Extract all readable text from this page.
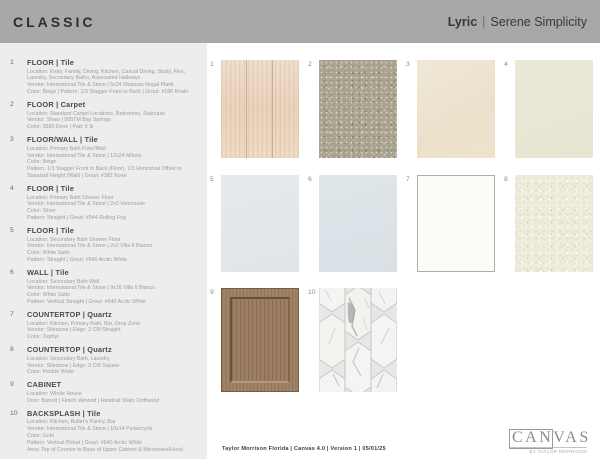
CLASSIC	Lyric | Serene Simplicity
1	FLOOR | Tile
Location: Entry, Family, Dining, Kitchen, Casual Dining, Study, Flex, Laundry, Secondary Baths, Associated Hallways
Vendor: International Tile & Stone | 6x24 Maderas Nogal Plank
Color: Beige | Pattern: 1/3 Stagger Front to Back | Grout: #186 Khaki
2	FLOOR | Carpet
Location: Standard Carpet Locations, Bedrooms, Staircase
Vendor: Shaw | 565TM Bay Springs
Color: 0560 Dove | Pad: 6 lb
3	FLOOR/WALL | Tile
Location: Primary Bath Floor/Wall
Vendor: International Tile & Stone | 12x24 Milano
Color: Beige
Pattern: 1/3 Stagger Front to Back (Floor), 1/3 Horizontal Offset to Standard Height (Wall) | Grout: #382 Bone
4	FLOOR | Tile
Location: Primary Bath Shower Floor
Vendor: International Tile & Stone | 2x2 Vancouver
Color: Silver
Pattern: Straight | Grout: #544 Rolling Fog
5	FLOOR | Tile
Location: Secondary Bath Shower Floor
Vendor: International Tile & Stone | 2x2 Villa II Bianco
Color: White Satin
Pattern: Straight | Grout: #640 Arctic White
6	WALL | Tile
Location: Secondary Bath Wall
Vendor: International Tile & Stone | 9x16 Villa II Bianco
Color: White Satin
Pattern: Vertical Straight | Grout: #640 Arctic White
7	COUNTERTOP | Quartz
Location: Kitchen, Primary Bath, Bar, Drop Zone
Vendor: Silestone | Edge: 3 CM Straight
Color: Zephyr
8	COUNTERTOP | Quartz
Location: Secondary Bath, Laundry
Vendor: Silestone | Edge: 3 CM Square
Color: Pebble White
9	CABINET
Location: Whole House
Door: Barrett | Finish: Almond | Handrail Stain: Driftwood
10	BACKSPLASH | Tile
Location: Kitchen, Butler's Pantry, Bar
Vendor: International Tile & Stone | 10x14 Picketcycle
Color: Gold
Pattern: Vertical Picket | Grout: #640 Arctic White
Area: Top of Counter to Base of Upper Cabinet & Microwave/Hood
1	2	3	4
5	6	7	8
9	10
Taylor Morrison Florida | Canvas 4.0 | Version 1 | 05/01/25
CANVAS
BY TAYLOR MORRISON
